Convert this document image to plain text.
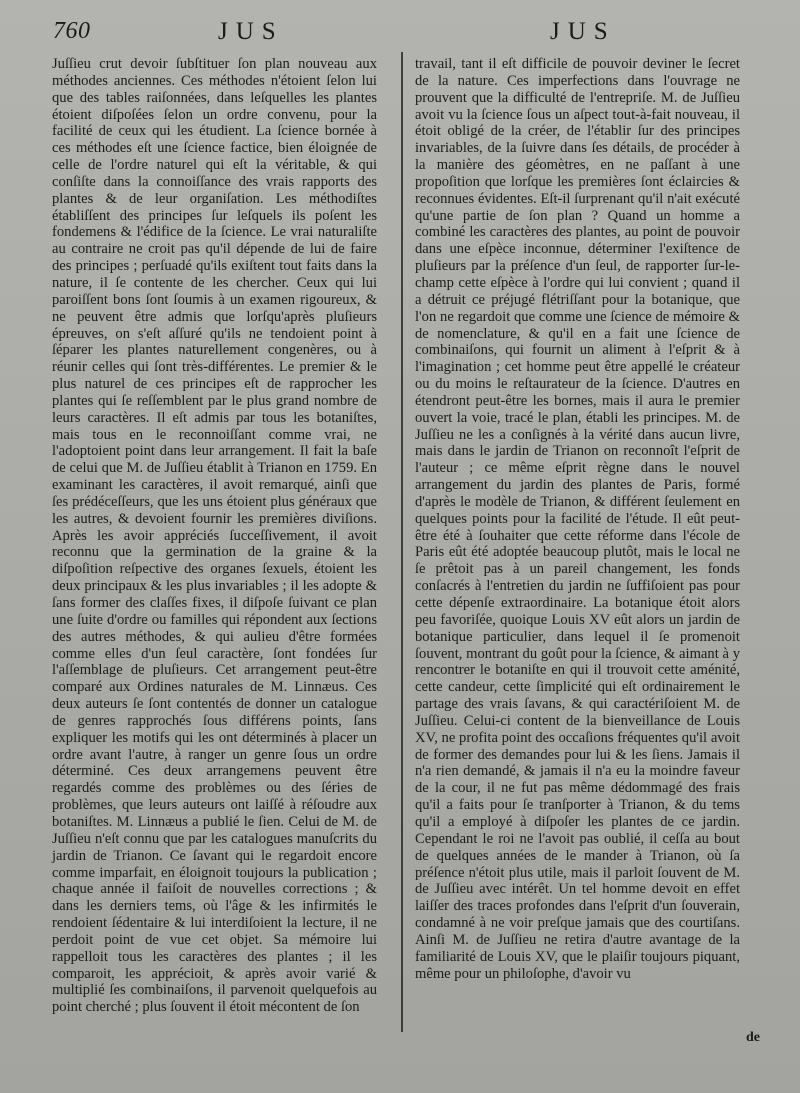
760	JUS	JUS

Juſſieu crut devoir ſubſtituer ſon plan nouveau aux méthodes anciennes. Ces méthodes n'étoient ſelon lui que des tables raiſonnées, dans leſquelles les plantes étoient diſpoſées ſelon un ordre convenu, pour la facilité de ceux qui les étudient. La ſcience bornée à ces méthodes eſt une ſcience factice, bien éloignée de celle de l'ordre naturel qui eſt la véritable, & qui conſiſte dans la connoiſſance des vrais rapports des plantes & de leur organiſation. Les méthodiſtes établiſſent des principes ſur leſquels ils poſent les fondemens & l'édifice de la ſcience. Le vrai naturaliſte au contraire ne croit pas qu'il dépende de lui de faire des principes ; perſuadé qu'ils exiſtent tout faits dans la nature, il ſe contente de les chercher. Ceux qui lui paroiſſent bons ſont ſoumis à un examen rigoureux, & ne peuvent être admis que lorſqu'après pluſieurs épreuves, on s'eſt aſſuré qu'ils ne tendoient point à ſéparer les plantes naturellement congenères, ou à réunir celles qui ſont très-différentes. Le premier & le plus naturel de ces principes eſt de rapprocher les plantes qui ſe reſſemblent par le plus grand nombre de leurs caractères. Il eſt admis par tous les botaniſtes, mais tous en le reconnoiſſant comme vrai, ne l'adoptoient point dans leur arrangement. Il fait la baſe de celui que M. de Juſſieu établit à Trianon en 1759. En examinant les caractères, il avoit remarqué, ainſi que ſes prédéceſſeurs, que les uns étoient plus généraux que les autres, & devoient fournir les premières diviſions. Après les avoir appréciés ſucceſſivement, il avoit reconnu que la germination de la graine & la diſpoſition reſpective des organes ſexuels, étoient les deux principaux & les plus invariables ; il les adopte & ſans former des claſſes fixes, il diſpoſe ſuivant ce plan une ſuite d'ordre ou familles qui répondent aux ſections des autres méthodes, & qui aulieu d'être formées comme elles d'un ſeul caractère, ſont fondées ſur l'aſſemblage de pluſieurs. Cet arrangement peut-être comparé aux Ordines naturales de M. Linnæus. Ces deux auteurs ſe ſont contentés de donner un catalogue de genres rapprochés ſous différens points, ſans expliquer les motifs qui les ont déterminés à placer un ordre avant l'autre, à ranger un genre ſous un ordre déterminé. Ces deux arrangemens peuvent être regardés comme des problèmes ou des ſéries de problèmes, que leurs auteurs ont laiſſé à réſoudre aux botaniſtes. M. Linnæus a publié le ſien. Celui de M. de Juſſieu n'eſt connu que par les catalogues manuſcrits du jardin de Trianon. Ce ſavant qui le regardoit encore comme imparfait, en éloignoit toujours la publication ; chaque année il faiſoit de nouvelles corrections ; & dans les derniers tems, où l'âge & les infirmités le rendoient ſédentaire & lui interdiſoient la lecture, il ne perdoit point de vue cet objet. Sa mémoire lui rappelloit tous les caractères des plantes ; il les comparoit, les apprécioit, & après avoir varié & multiplié ſes combinaiſons, il parvenoit quelquefois au point cherché ; plus ſouvent il étoit mécontent de ſon

travail, tant il eſt difficile de pouvoir deviner le ſecret de la nature. Ces imperfections dans l'ouvrage ne prouvent que la difficulté de l'entrepriſe. M. de Juſſieu avoit vu la ſcience ſous un aſpect tout-à-fait nouveau, il étoit obligé de la créer, de l'établir ſur des principes invariables, de la ſuivre dans ſes détails, de procéder à la manière des géomètres, en ne paſſant à une propoſition que lorſque les premières ſont éclaircies & reconnues évidentes. Eſt-il ſurprenant qu'il n'ait exécuté qu'une partie de ſon plan ? Quand un homme a combiné les caractères des plantes, au point de pouvoir dans une eſpèce inconnue, déterminer l'exiſtence de pluſieurs par la préſence d'un ſeul, de rapporter ſur-le-champ cette eſpèce à l'ordre qui lui convient ; quand il a détruit ce préjugé flétriſſant pour la botanique, que l'on ne regardoit que comme une ſcience de mémoire & de nomenclature, & qu'il en a fait une ſcience de combinaiſons, qui fournit un aliment à l'eſprit & à l'imagination ; cet homme peut être appellé le créateur ou du moins le reſtaurateur de la ſcience. D'autres en étendront peut-être les bornes, mais il aura le premier ouvert la voie, tracé le plan, établi les principes. M. de Juſſieu ne les a conſignés à la vérité dans aucun livre, mais dans le jardin de Trianon on reconnoît l'eſprit de l'auteur ; ce même eſprit règne dans le nouvel arrangement du jardin des plantes de Paris, formé d'après le modèle de Trianon, & différent ſeulement en quelques points pour la facilité de l'étude. Il eût peut-être été à ſouhaiter que cette réforme dans l'école de Paris eût été adoptée beaucoup plutôt, mais le local ne ſe prêtoit pas à un pareil changement, les fonds conſacrés à l'entretien du jardin ne ſuffiſoient pas pour cette dépenſe extraordinaire. La botanique étoit alors peu favoriſée, quoique Louis XV eût alors un jardin de botanique particulier, dans lequel il ſe promenoit ſouvent, montrant du goût pour la ſcience, & aimant à y rencontrer le botaniſte en qui il trouvoit cette aménité, cette candeur, cette ſimplicité qui eſt ordinairement le partage des vrais ſavans, & qui caractériſoient M. de Juſſieu. Celui-ci content de la bienveillance de Louis XV, ne profita point des occaſions fréquentes qu'il avoit de former des demandes pour lui & les ſiens. Jamais il n'a rien demandé, & jamais il n'a eu la moindre faveur de la cour, il ne fut pas même dédommagé des frais qu'il a faits pour ſe tranſporter à Trianon, & du tems qu'il a employé à diſpoſer les plantes de ce jardin. Cependant le roi ne l'avoit pas oublié, il ceſſa au bout de quelques années de le mander à Trianon, où ſa préſence n'étoit plus utile, mais il parloit ſouvent de M. de Juſſieu avec intérêt. Un tel homme devoit en effet laiſſer des traces profondes dans l'eſprit d'un ſouverain, condamné à ne voir preſque jamais que des courtiſans. Ainſi M. de Juſſieu ne retira d'autre avantage de la familiarité de Louis XV, que le plaiſir toujours piquant, même pour un philoſophe, d'avoir vu

de
